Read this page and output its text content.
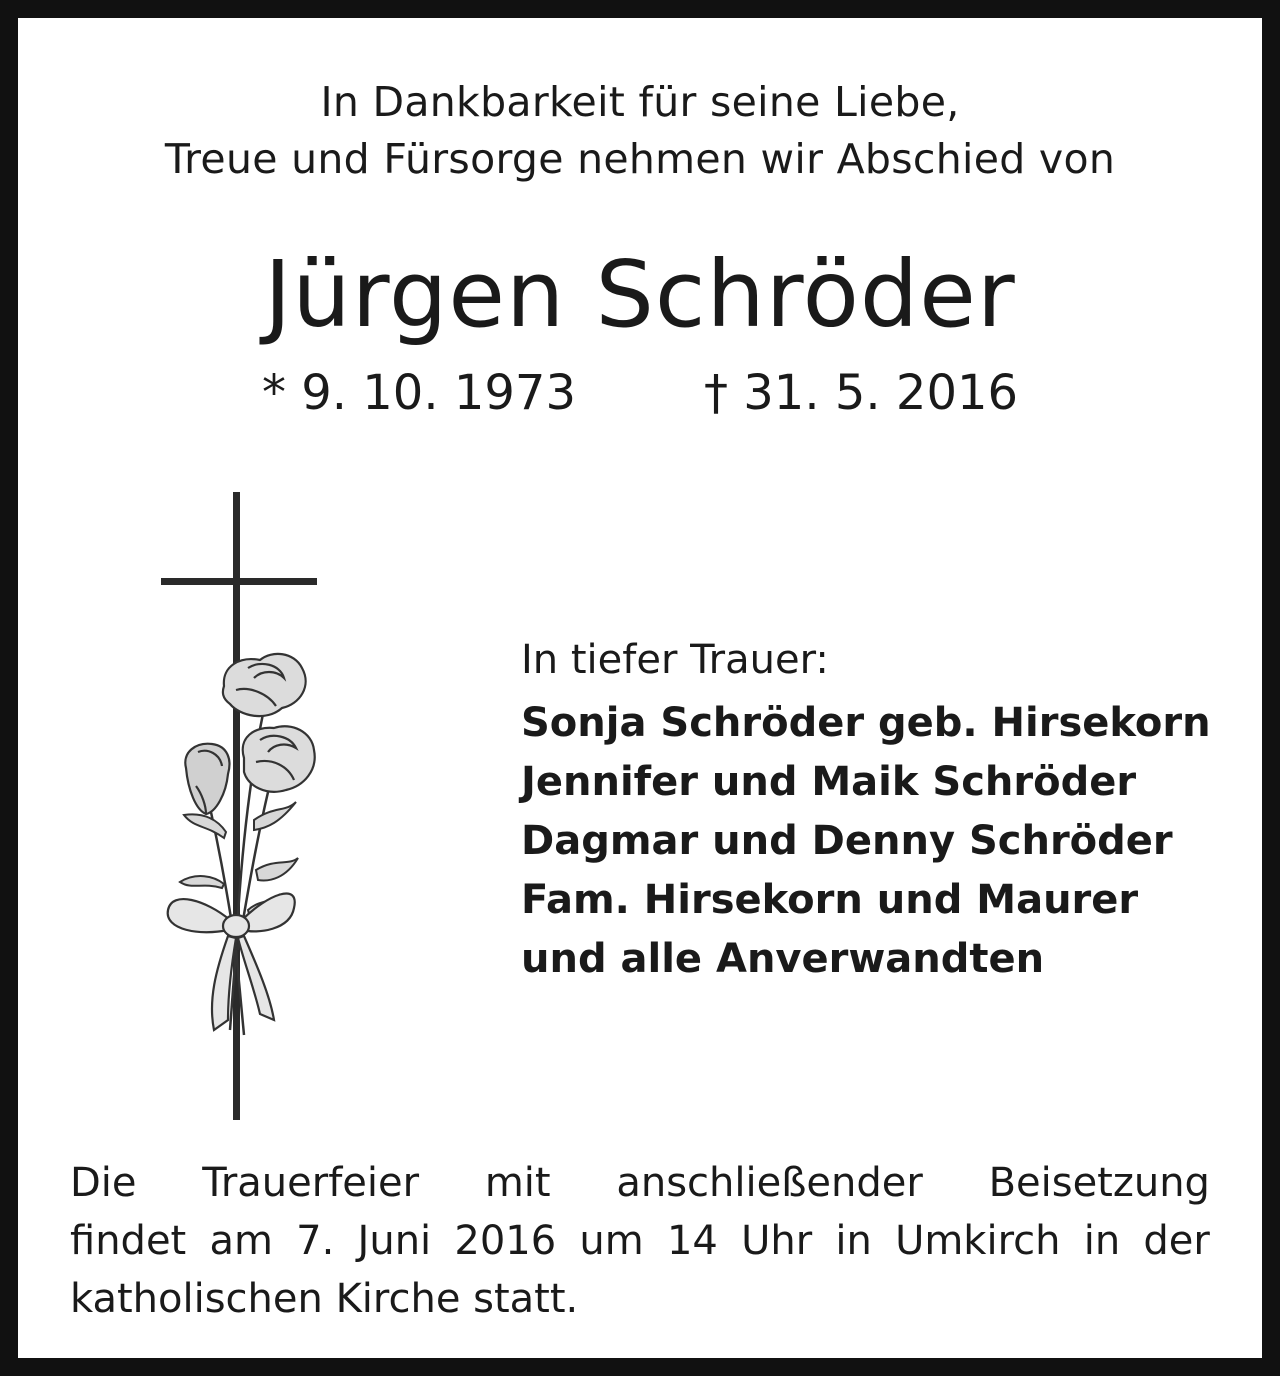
In Dankbarkeit für seine Liebe,
Treue und Fürsorge nehmen wir Abschied von
Jürgen Schröder
* 9. 10. 1973	† 31. 5. 2016
In tiefer Trauer:
Sonja Schröder geb. Hirsekorn
Jennifer und Maik Schröder
Dagmar und Denny Schröder
Fam. Hirsekorn und Maurer
und alle Anverwandten
Die Trauerfeier mit anschließender Beisetzung
findet am 7. Juni 2016 um 14 Uhr in Umkirch in der
katholischen Kirche statt.
